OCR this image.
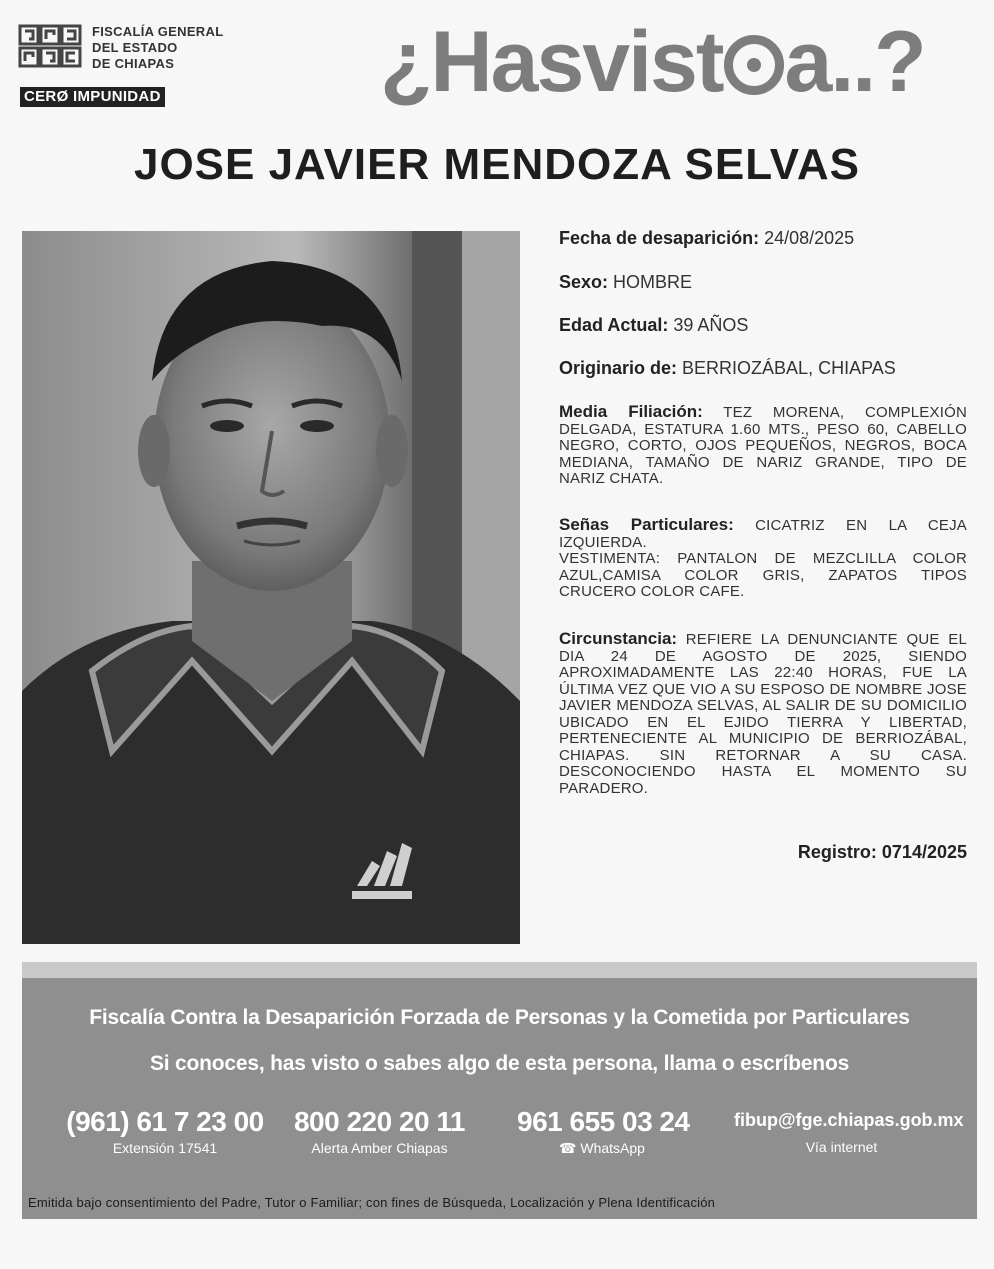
FISCALÍA GENERAL
DEL ESTADO
DE CHIAPAS
CERØ IMPUNIDAD	¿Hasvist a..?
JOSE JAVIER MENDOZA SELVAS
Fecha de desaparición: 24/08/2025
Sexo: HOMBRE
Edad Actual: 39 AÑOS
Originario de: BERRIOZÁBAL, CHIAPAS
Media Filiación: TEZ MORENA, COMPLEXIÓN DELGADA, ESTATURA 1.60 MTS., PESO 60, CABELLO NEGRO, CORTO, OJOS PEQUEÑOS, NEGROS, BOCA MEDIANA, TAMAÑO DE NARIZ GRANDE, TIPO DE NARIZ CHATA.
Señas Particulares: CICATRIZ EN LA CEJA IZQUIERDA.
VESTIMENTA: PANTALON DE MEZCLILLA COLOR AZUL,CAMISA COLOR GRIS, ZAPATOS TIPOS CRUCERO COLOR CAFE.
Circunstancia: REFIERE LA DENUNCIANTE QUE EL DIA 24 DE AGOSTO DE 2025, SIENDO APROXIMADAMENTE LAS 22:40 HORAS, FUE LA ÚLTIMA VEZ QUE VIO A SU ESPOSO DE NOMBRE JOSE JAVIER MENDOZA SELVAS, AL SALIR DE SU DOMICILIO UBICADO EN EL EJIDO TIERRA Y LIBERTAD, PERTENECIENTE AL MUNICIPIO DE BERRIOZÁBAL, CHIAPAS. SIN RETORNAR A SU CASA. DESCONOCIENDO HASTA EL MOMENTO SU PARADERO.
Registro: 0714/2025
Fiscalía Contra la Desaparición Forzada de Personas y la Cometida por Particulares
Si conoces, has visto o sabes algo de esta persona, llama o escríbenos
(961) 61 7 23 00
Extensión 17541
800 220 20 11
Alerta Amber Chiapas
961 655 03 24
☎ WhatsApp
fibup@fge.chiapas.gob.mx
Vía internet
Emitida bajo consentimiento del Padre, Tutor o Familiar; con fines de Búsqueda, Localización y Plena Identificación
